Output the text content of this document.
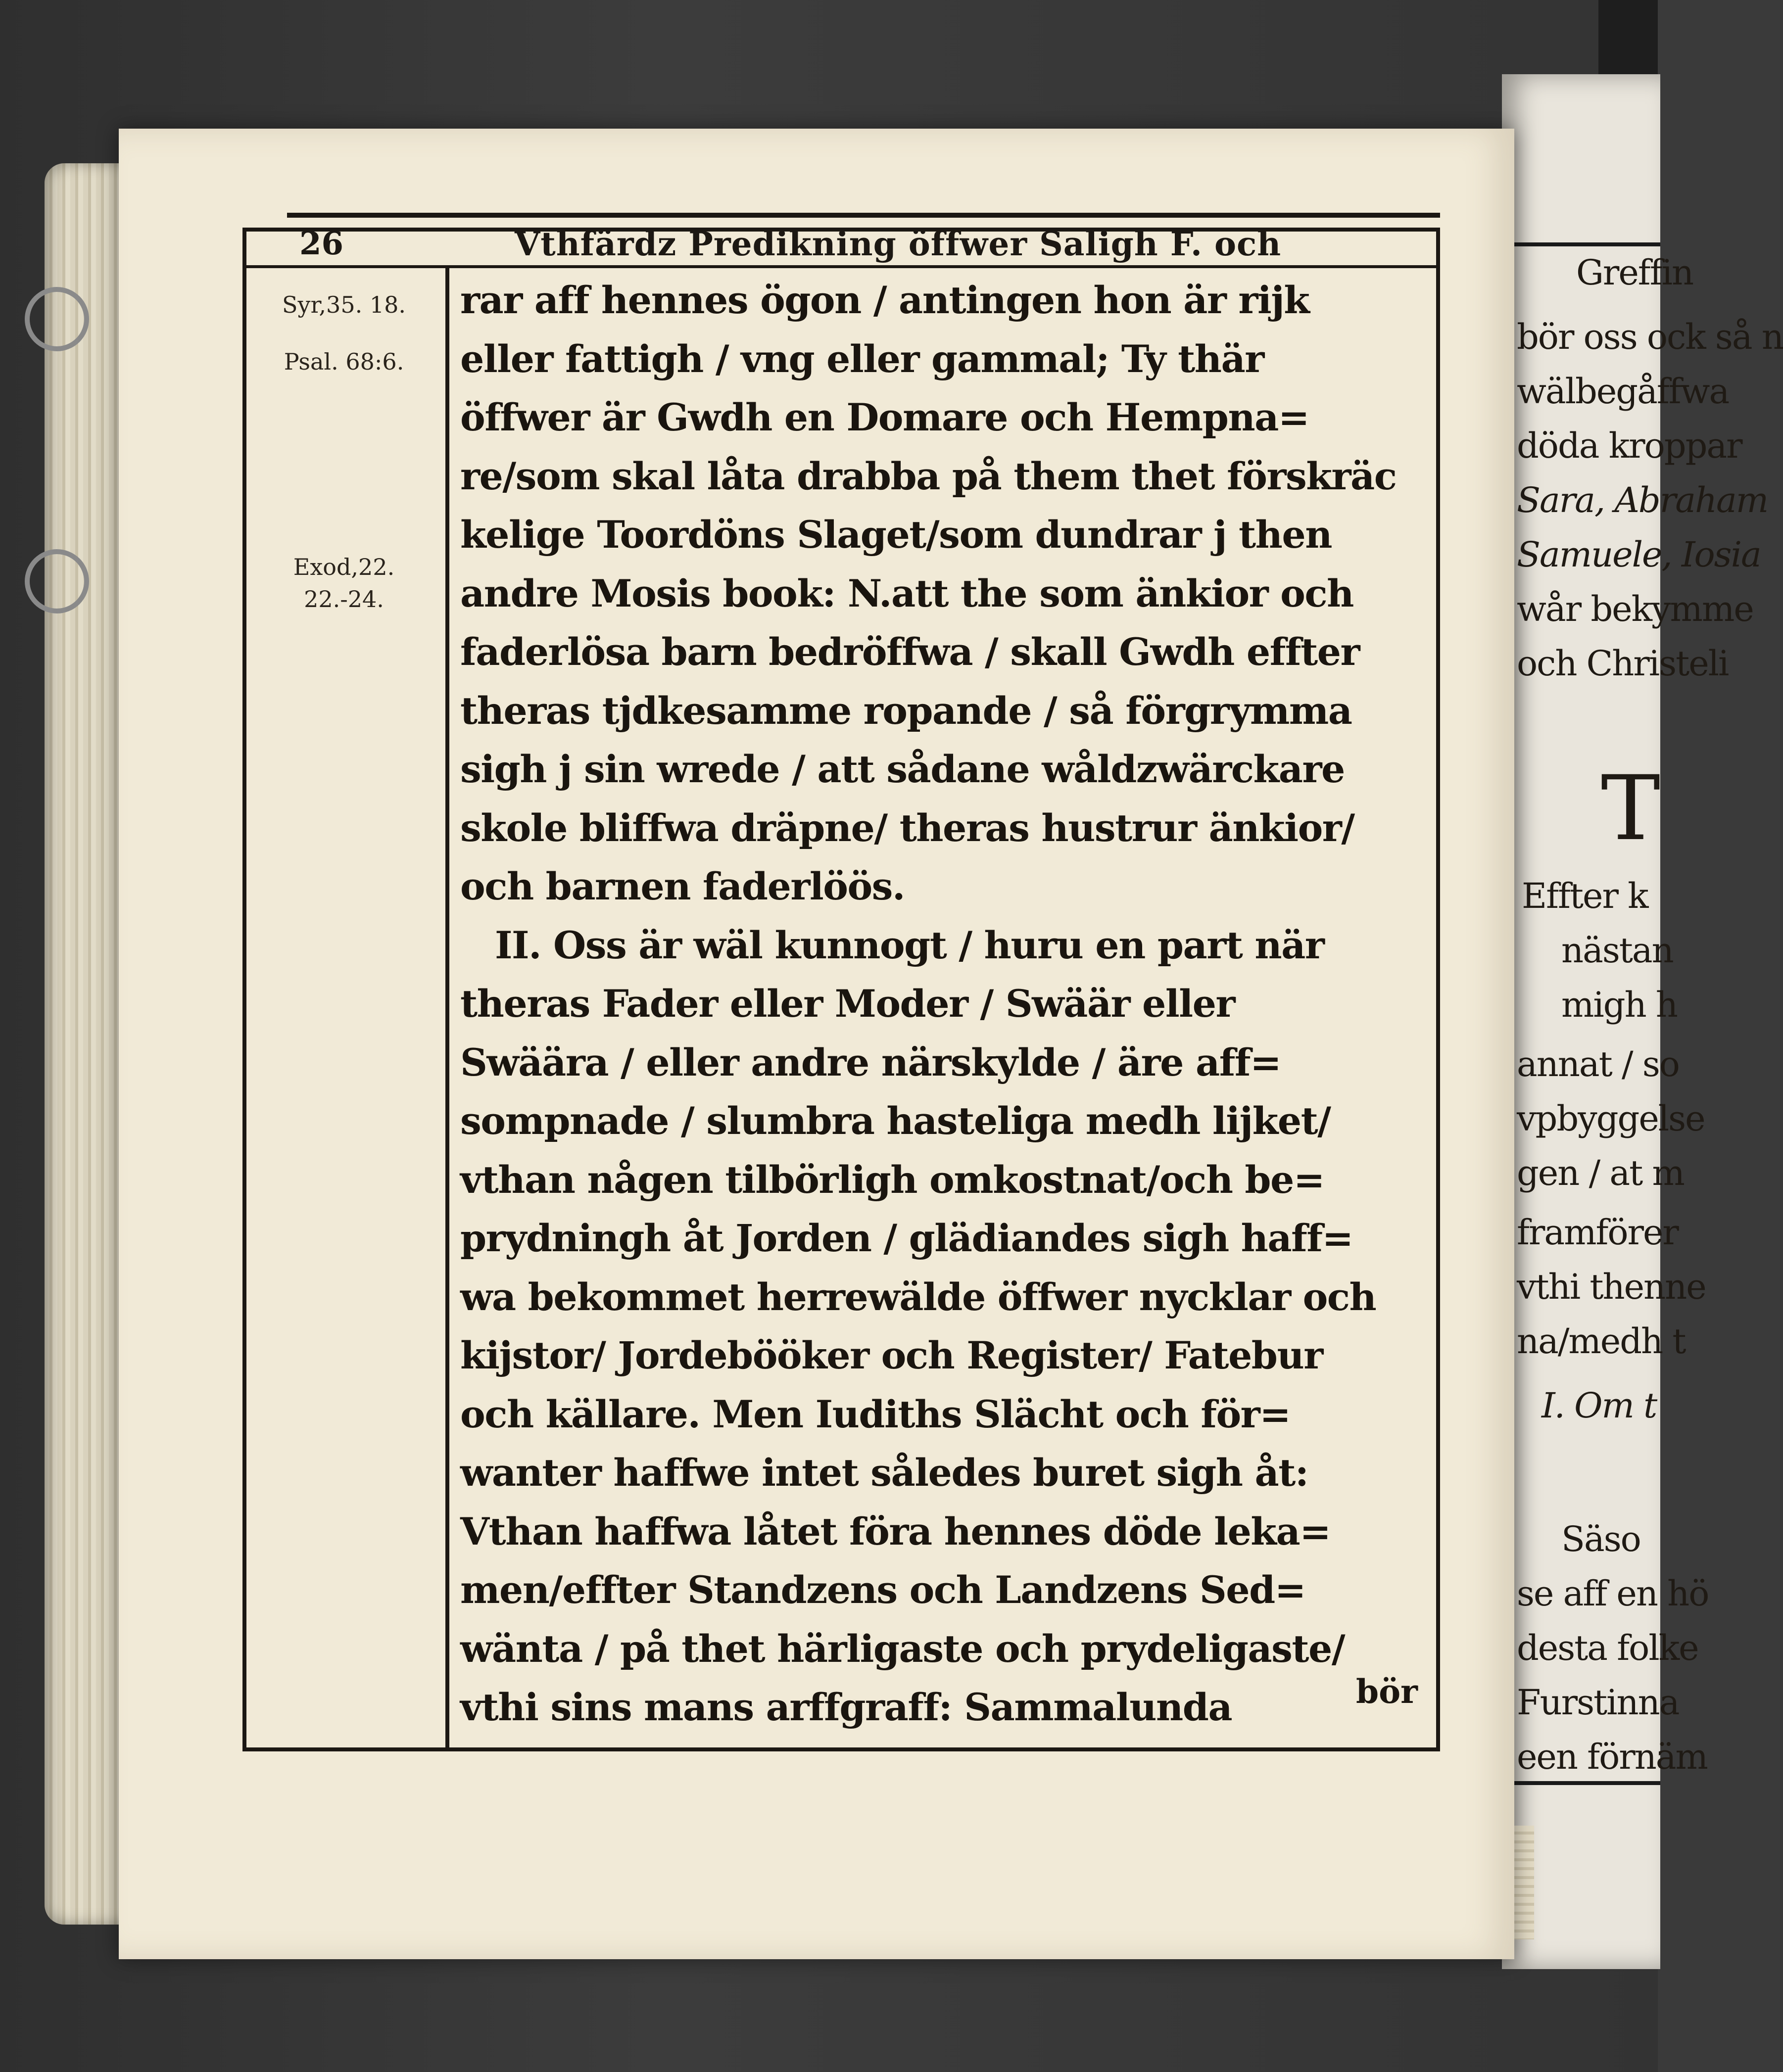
Greffin
bör oss ock så n
wälbegåffwa
döda kroppar
Sara, Abraham
Samuele, Iosia
wår bekymme
och Christeli
T
Effter k
nästan
migh h
annat / so
vpbyggelse
gen / at m
framförer
vthi thenne
na/medh t
I. Om t
Säso
se aff en hö
desta folke
Furstinna
een förnäm
26	Vthfärdz Predikning öffwer Saligh F. och
Syr,35. 18.
Psal. 68:6.
Exod,22.
22.-24.
rar aff hennes ögon / antingen hon är rijk
eller fattigh / vng eller gammal; Ty thär
öffwer är Gwdh en Domare och Hempna=
re/som skal låta drabba på them thet förskräc
kelige Toordöns Slaget/som dundrar j then
andre Mosis book: N.att the som änkior och
faderlösa barn bedröffwa / skall Gwdh effter
theras tjdkesamme ropande / så förgrymma
sigh j sin wrede / att sådane wåldzwärckare
skole bliffwa dräpne/ theras hustrur änkior/
och barnen faderlöös.
II. Oss är wäl kunnogt / huru en part när
theras Fader eller Moder / Swäär eller
Swäära / eller andre närskylde / äre aff=
sompnade / slumbra hasteliga medh lijket/
vthan någen tilbörligh omkostnat/och be=
prydningh åt Jorden / glädiandes sigh haff=
wa bekommet herrewälde öffwer nycklar och
kijstor/ Jordebööker och Register/ Fatebur
och källare. Men Iudiths Slächt och för=
wanter haffwe intet således buret sigh åt:
Vthan haffwa låtet föra hennes döde leka=
men/effter Standzens och Landzens Sed=
wänta / på thet härligaste och prydeligaste/
vthi sins mans arffgraff: Sammalunda	bör
